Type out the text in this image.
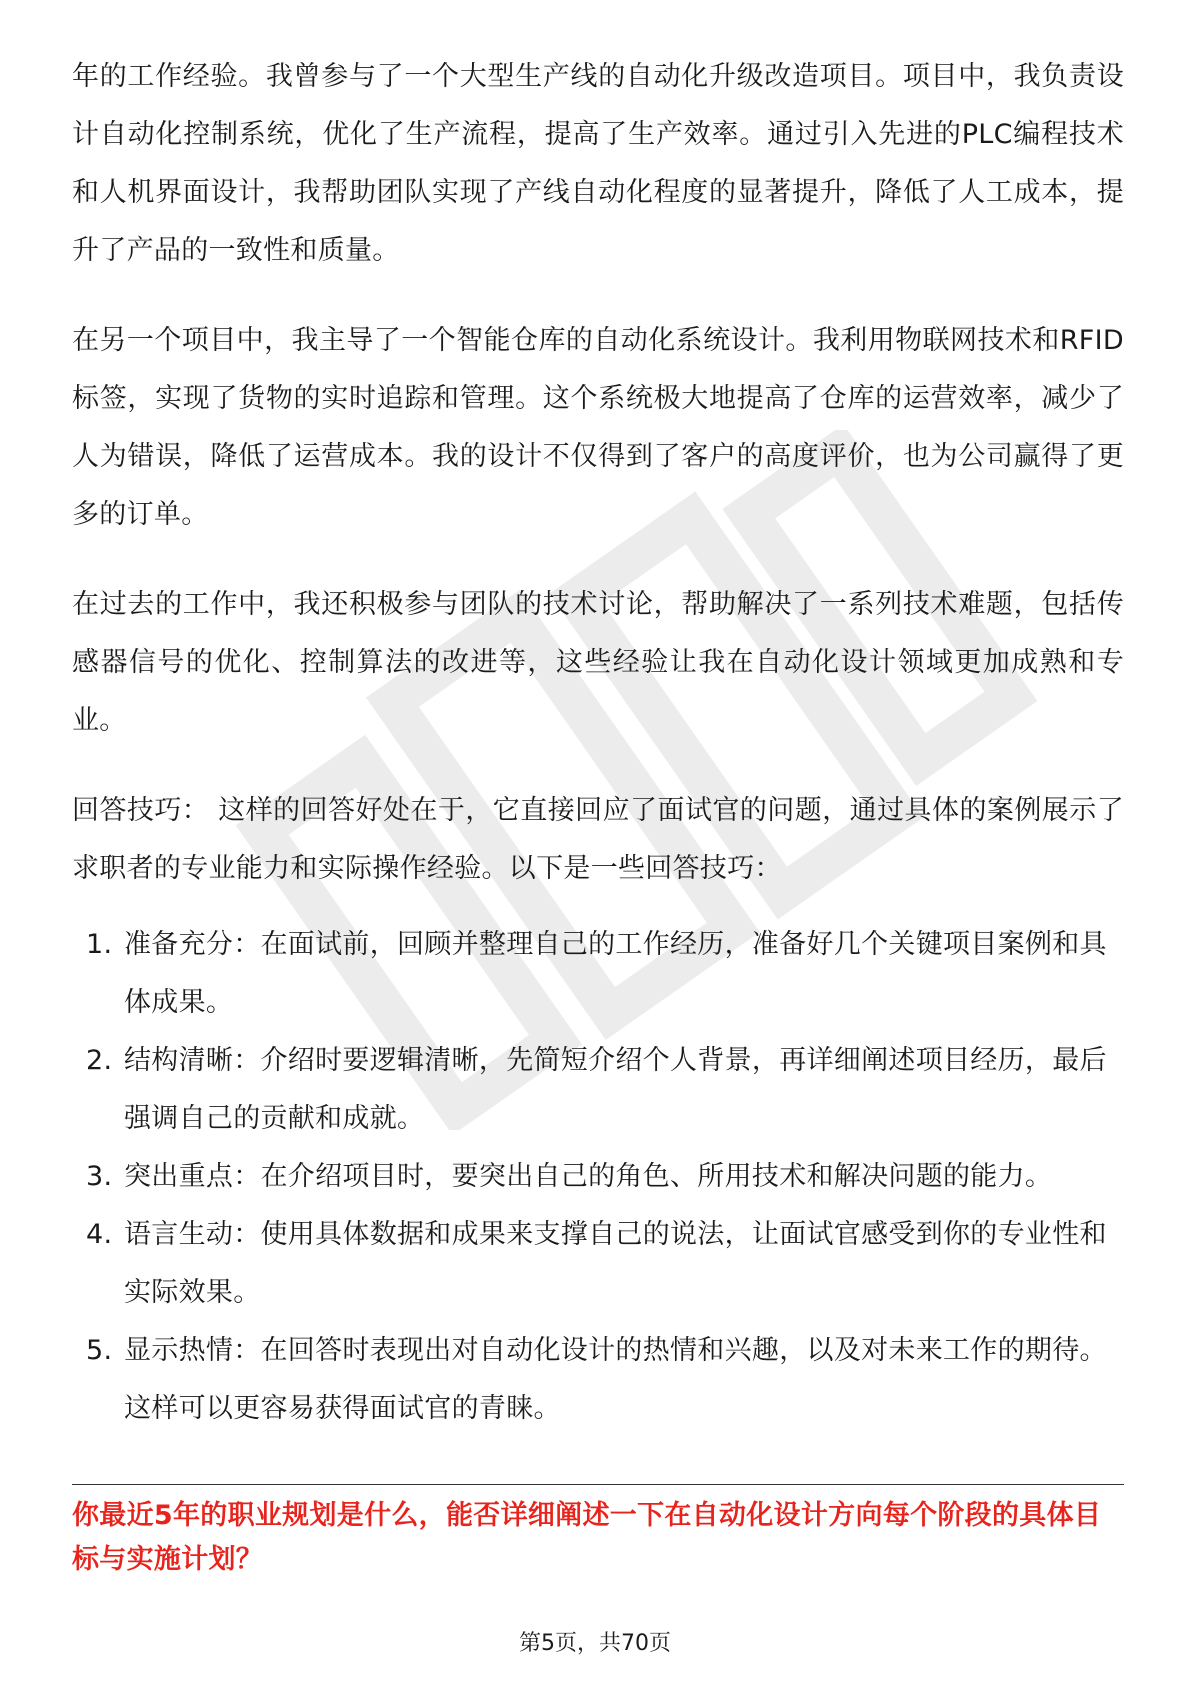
年的工作经验。我曾参与了一个大型生产线的自动化升级改造项目。项目中，我负责设计自动化控制系统，优化了生产流程，提高了生产效率。通过引入先进的PLC编程技术和人机界面设计，我帮助团队实现了产线自动化程度的显著提升，降低了人工成本，提升了产品的一致性和质量。

在另一个项目中，我主导了一个智能仓库的自动化系统设计。我利用物联网技术和RFID标签，实现了货物的实时追踪和管理。这个系统极大地提高了仓库的运营效率，减少了人为错误，降低了运营成本。我的设计不仅得到了客户的高度评价，也为公司赢得了更多的订单。

在过去的工作中，我还积极参与团队的技术讨论，帮助解决了一系列技术难题，包括传感器信号的优化、控制算法的改进等，这些经验让我在自动化设计领域更加成熟和专业。

回答技巧： 这样的回答好处在于，它直接回应了面试官的问题，通过具体的案例展示了求职者的专业能力和实际操作经验。以下是一些回答技巧：

1. 准备充分：在面试前，回顾并整理自己的工作经历，准备好几个关键项目案例和具体成果。
2. 结构清晰：介绍时要逻辑清晰，先简短介绍个人背景，再详细阐述项目经历，最后强调自己的贡献和成就。
3. 突出重点：在介绍项目时，要突出自己的角色、所用技术和解决问题的能力。
4. 语言生动：使用具体数据和成果来支撑自己的说法，让面试官感受到你的专业性和实际效果。
5. 显示热情：在回答时表现出对自动化设计的热情和兴趣，以及对未来工作的期待。这样可以更容易获得面试官的青睐。
你最近5年的职业规划是什么，能否详细阐述一下在自动化设计方向每个阶段的具体目标与实施计划？
第5页，共70页
